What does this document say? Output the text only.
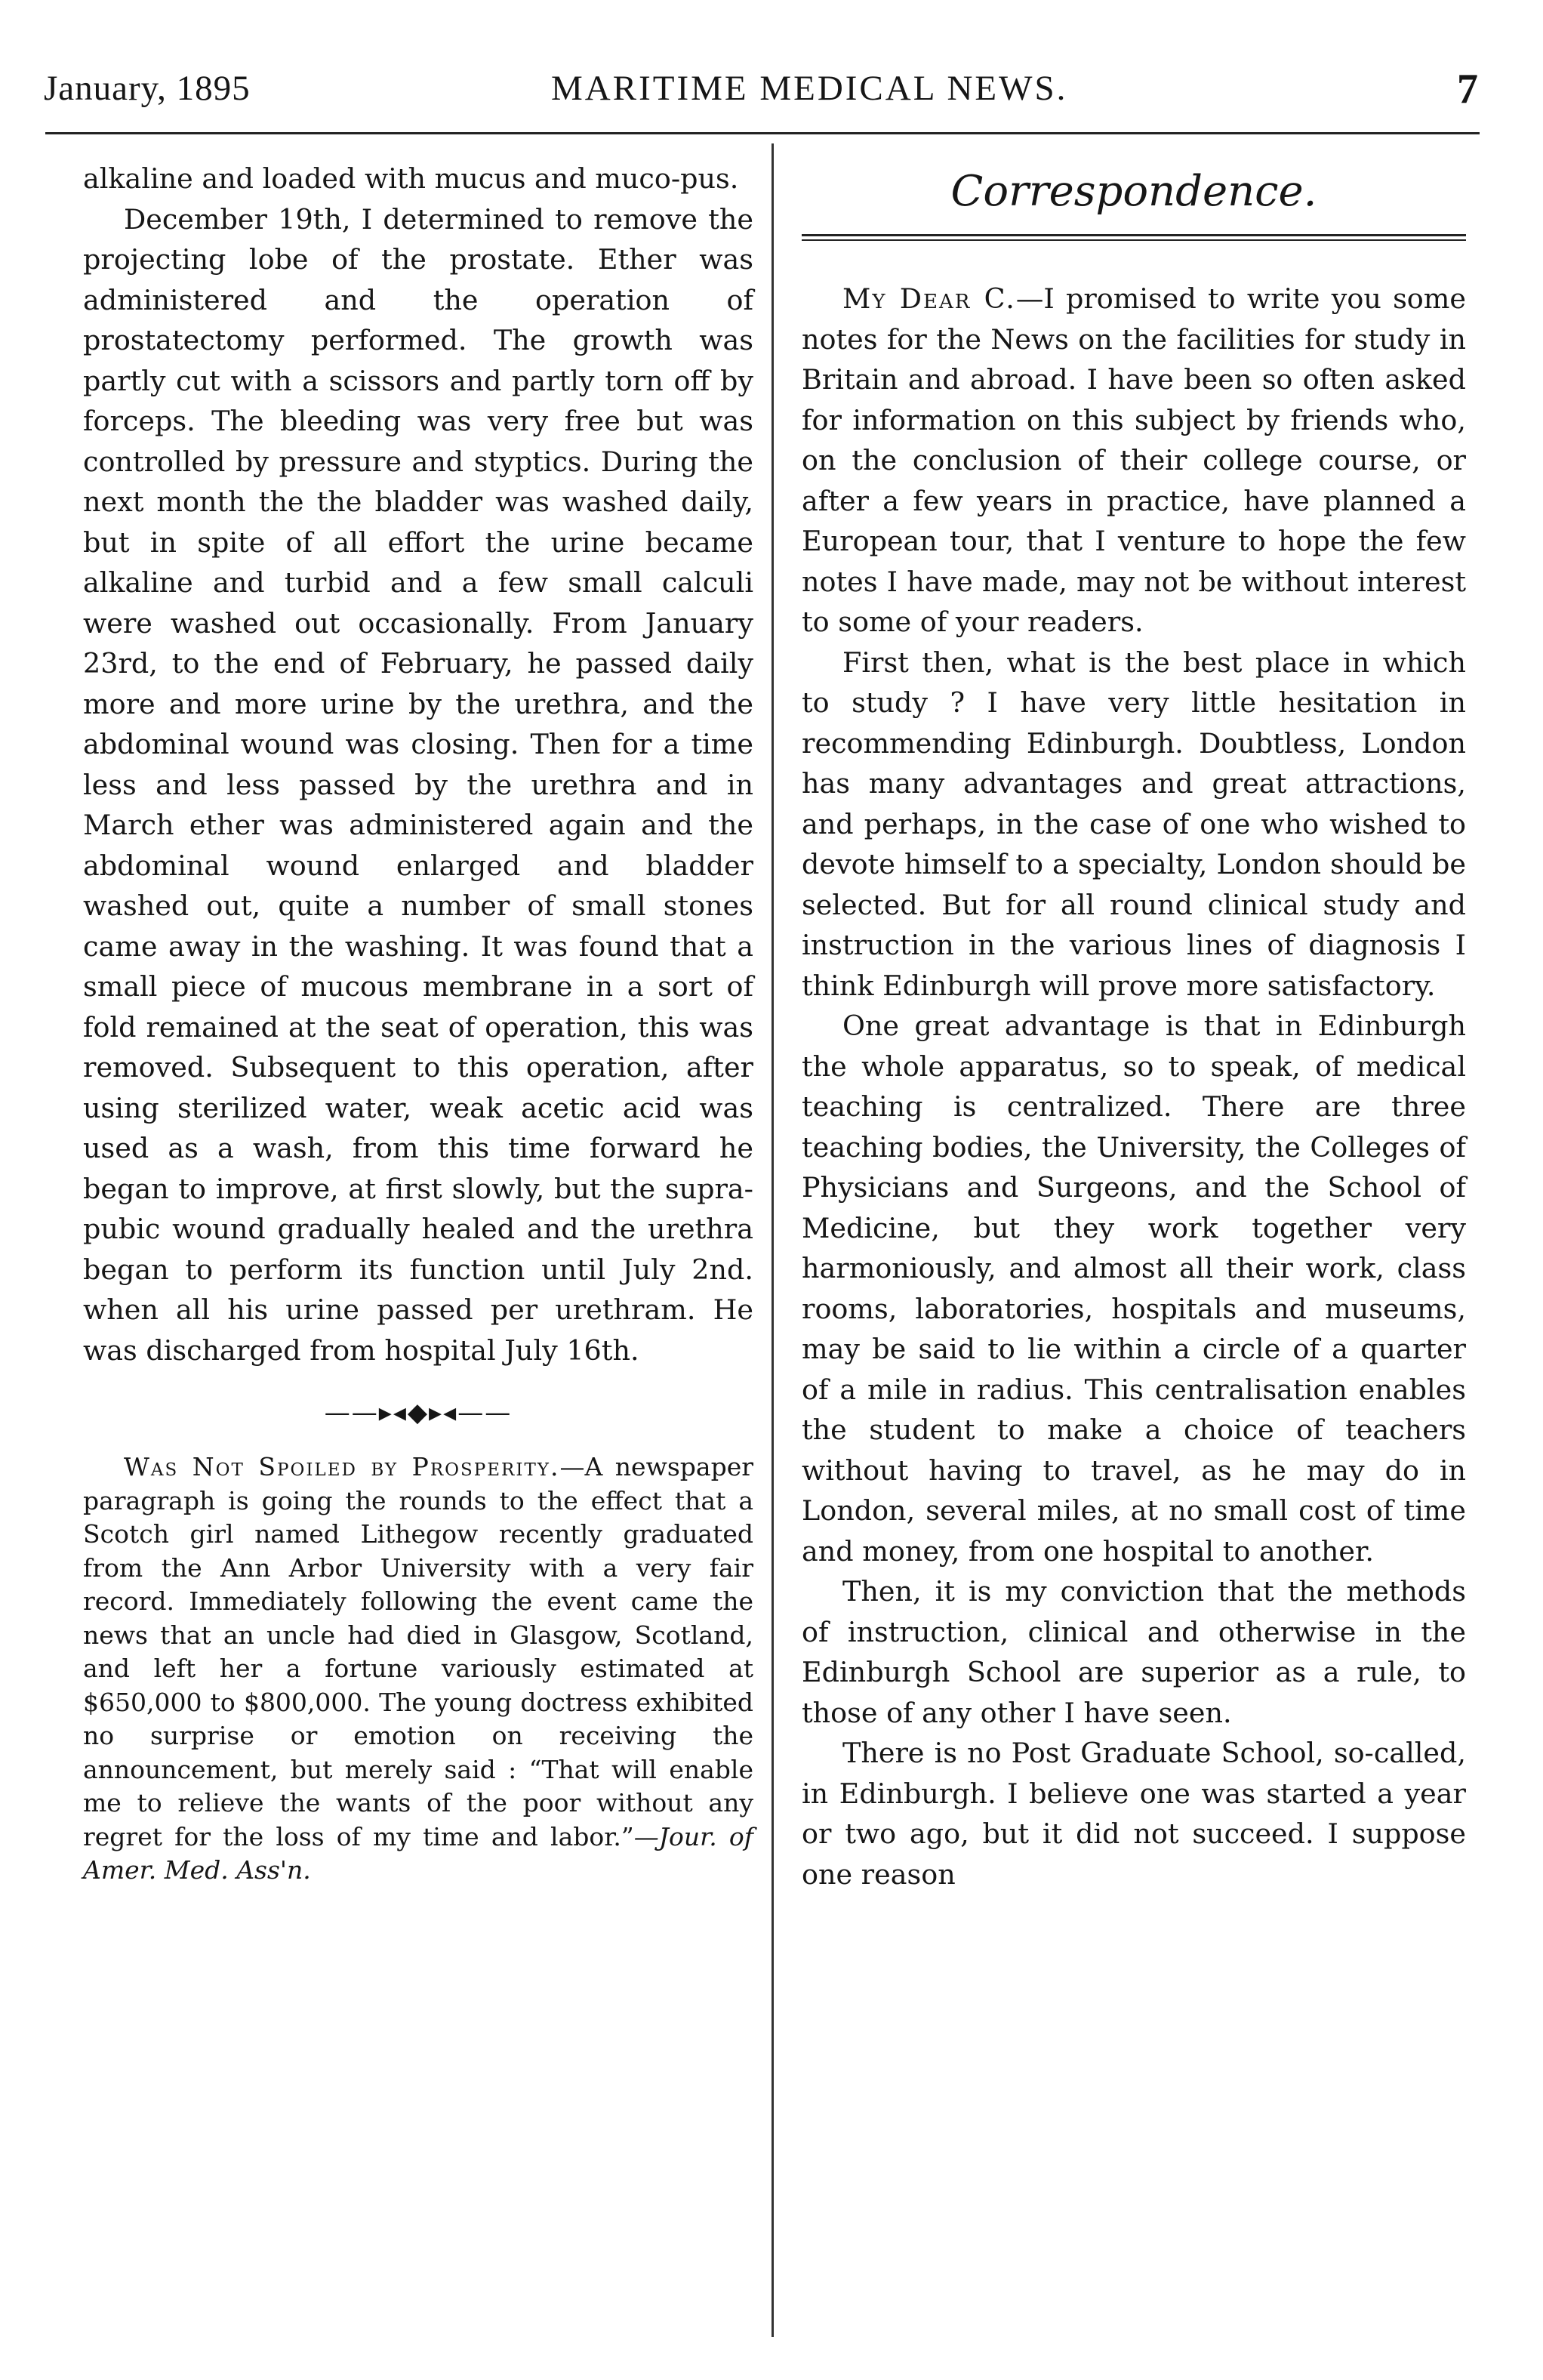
January, 1895	MARITIME MEDICAL NEWS.	7

alkaline and loaded with mucus and muco-pus.

December 19th, I determined to remove the projecting lobe of the prostate. Ether was administered and the operation of prostatectomy performed. The growth was partly cut with a scissors and partly torn off by forceps. The bleeding was very free but was controlled by pressure and styptics. During the next month the the bladder was washed daily, but in spite of all effort the urine became alkaline and turbid and a few small calculi were washed out occasionally. From January 23rd, to the end of February, he passed daily more and more urine by the urethra, and the abdominal wound was closing. Then for a time less and less passed by the urethra and in March ether was administered again and the abdominal wound enlarged and bladder washed out, quite a number of small stones came away in the washing. It was found that a small piece of mucous membrane in a sort of fold remained at the seat of operation, this was removed. Subsequent to this operation, after using sterilized water, weak acetic acid was used as a wash, from this time forward he began to improve, at first slowly, but the supra-pubic wound gradually healed and the urethra began to perform its function until July 2nd. when all his urine passed per urethram. He was discharged from hospital July 16th.

——▸◂◆▸◂——

Was Not Spoiled by Prosperity.—A newspaper paragraph is going the rounds to the effect that a Scotch girl named Lithegow recently graduated from the Ann Arbor University with a very fair record. Immediately following the event came the news that an uncle had died in Glasgow, Scotland, and left her a fortune variously estimated at $650,000 to $800,000. The young doctress exhibited no surprise or emotion on receiving the announcement, but merely said : “That will enable me to relieve the wants of the poor without any regret for the loss of my time and labor.”—Jour. of Amer. Med. Ass'n.

Correspondence.

My Dear C.—I promised to write you some notes for the News on the facilities for study in Britain and abroad. I have been so often asked for information on this subject by friends who, on the conclusion of their college course, or after a few years in practice, have planned a European tour, that I venture to hope the few notes I have made, may not be without interest to some of your readers.

First then, what is the best place in which to study ? I have very little hesitation in recommending Edinburgh. Doubtless, London has many advantages and great attractions, and perhaps, in the case of one who wished to devote himself to a specialty, London should be selected. But for all round clinical study and instruction in the various lines of diagnosis I think Edinburgh will prove more satisfactory.

One great advantage is that in Edinburgh the whole apparatus, so to speak, of medical teaching is centralized. There are three teaching bodies, the University, the Colleges of Physicians and Surgeons, and the School of Medicine, but they work together very harmoniously, and almost all their work, class rooms, laboratories, hospitals and museums, may be said to lie within a circle of a quarter of a mile in radius. This centralisation enables the student to make a choice of teachers without having to travel, as he may do in London, several miles, at no small cost of time and money, from one hospital to another.

Then, it is my conviction that the methods of instruction, clinical and otherwise in the Edinburgh School are superior as a rule, to those of any other I have seen.

There is no Post Graduate School, so-called, in Edinburgh. I believe one was started a year or two ago, but it did not succeed. I suppose one reason
